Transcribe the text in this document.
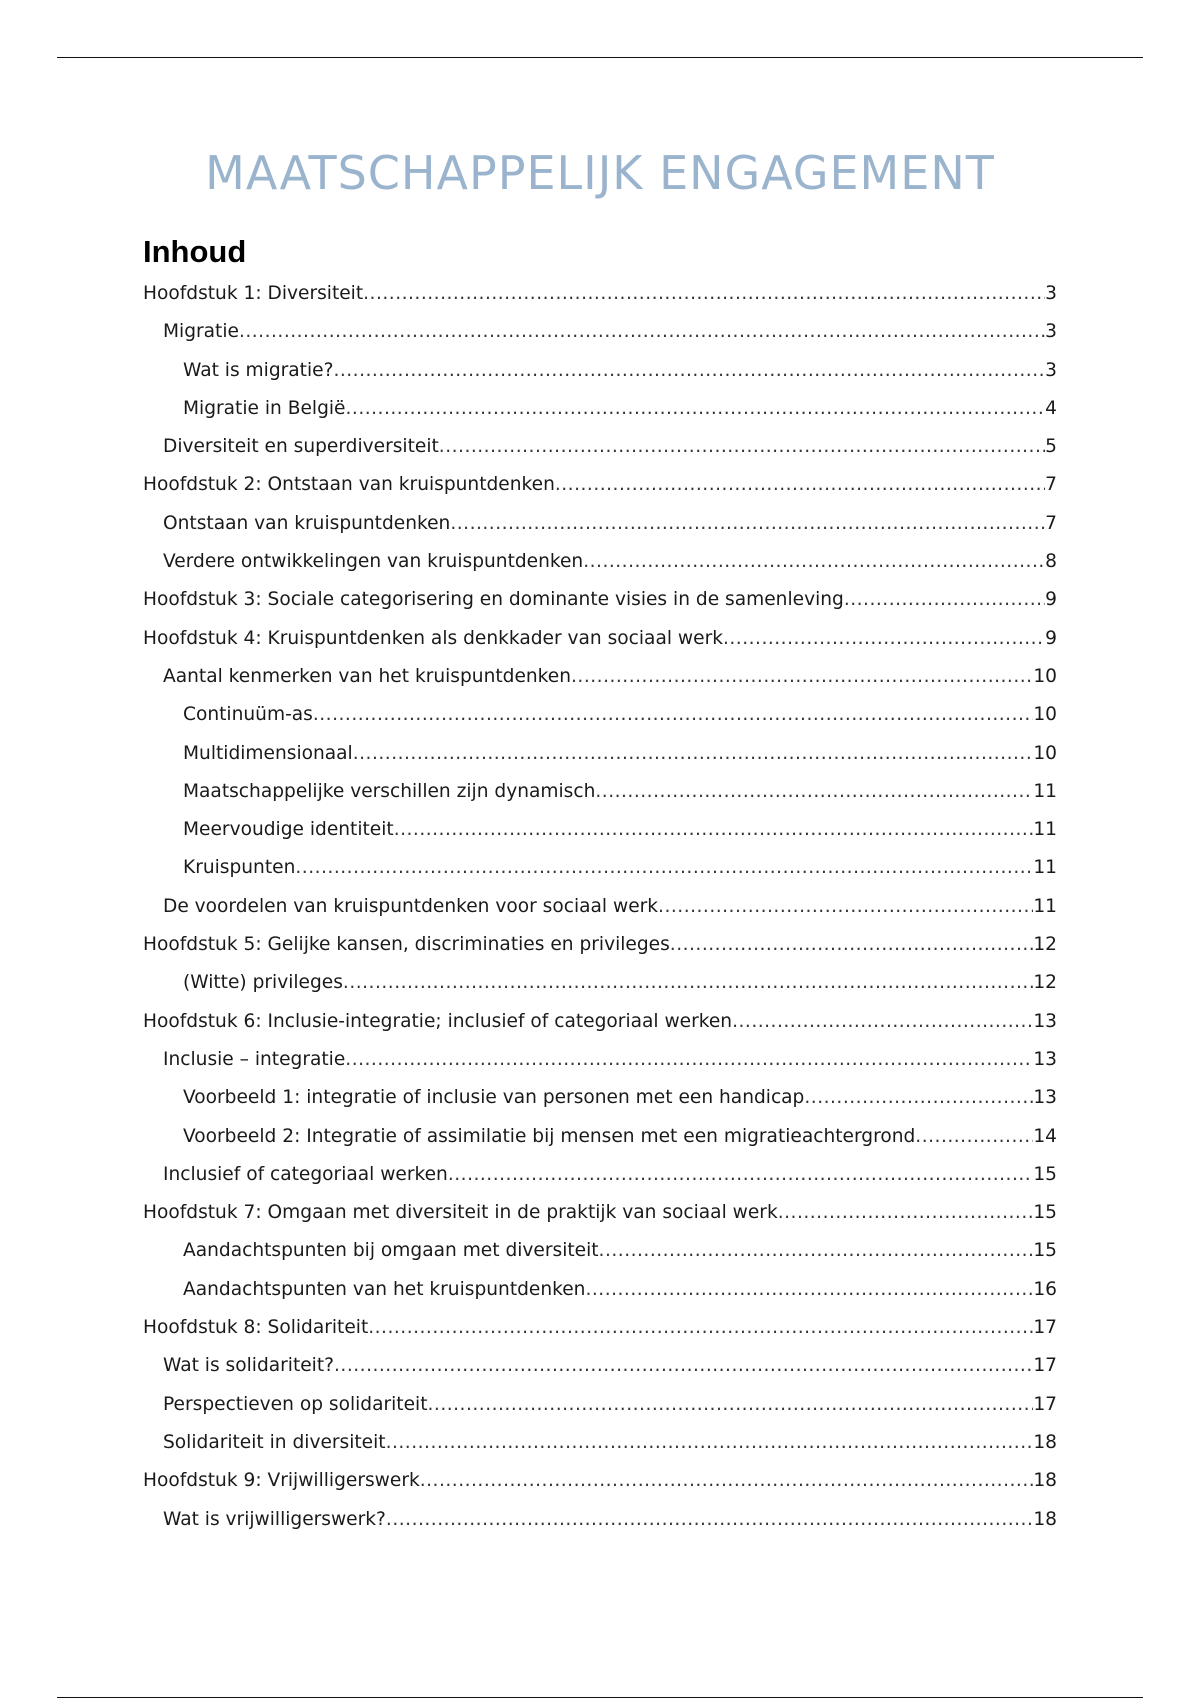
MAATSCHAPPELIJK ENGAGEMENT
Inhoud
Hoofdstuk 1: Diversiteit .....	3
Migratie .....	3
Wat is migratie? .....	3
Migratie in België .....	4
Diversiteit en superdiversiteit .....	5
Hoofdstuk 2: Ontstaan van kruispuntdenken .....	7
Ontstaan van kruispuntdenken .....	7
Verdere ontwikkelingen van kruispuntdenken .....	8
Hoofdstuk 3: Sociale categorisering en dominante visies in de samenleving .....	9
Hoofdstuk 4: Kruispuntdenken als denkkader van sociaal werk .....	9
Aantal kenmerken van het kruispuntdenken .....	10
Continuüm-as .....	10
Multidimensionaal .....	10
Maatschappelijke verschillen zijn dynamisch .....	11
Meervoudige identiteit .....	11
Kruispunten .....	11
De voordelen van kruispuntdenken voor sociaal werk .....	11
Hoofdstuk 5: Gelijke kansen, discriminaties en privileges .....	12
(Witte) privileges .....	12
Hoofdstuk 6: Inclusie-integratie; inclusief of categoriaal werken .....	13
Inclusie – integratie .....	13
Voorbeeld 1: integratie of inclusie van personen met een handicap .....	13
Voorbeeld 2: Integratie of assimilatie bij mensen met een migratieachtergrond .....	14
Inclusief of categoriaal werken .....	15
Hoofdstuk 7: Omgaan met diversiteit in de praktijk van sociaal werk .....	15
Aandachtspunten bij omgaan met diversiteit .....	15
Aandachtspunten van het kruispuntdenken .....	16
Hoofdstuk 8: Solidariteit .....	17
Wat is solidariteit? .....	17
Perspectieven op solidariteit .....	17
Solidariteit in diversiteit .....	18
Hoofdstuk 9: Vrijwilligerswerk .....	18
Wat is vrijwilligerswerk? .....	18
